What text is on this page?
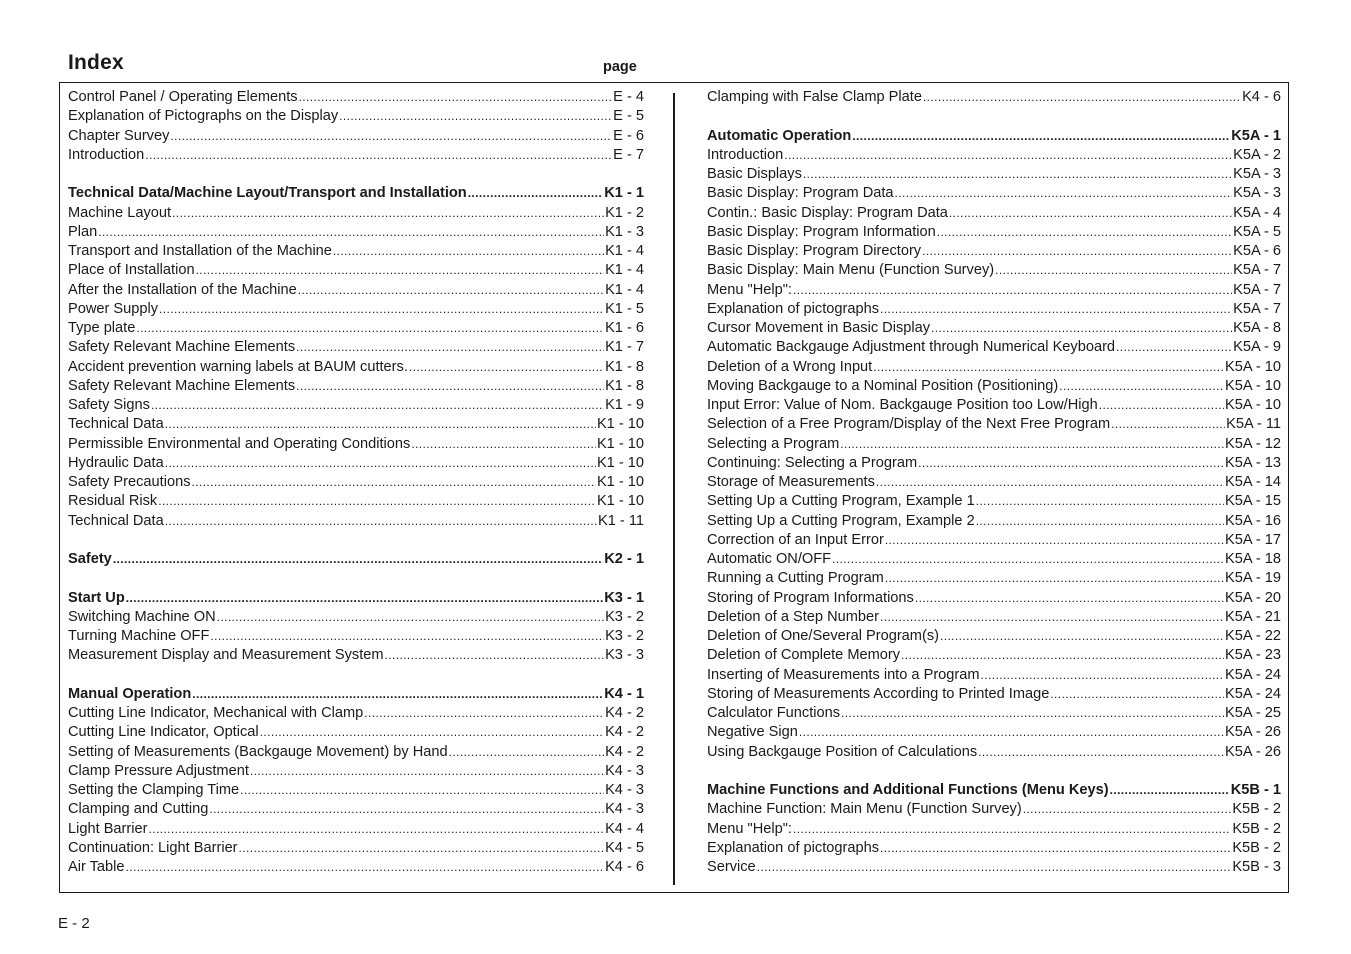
Index	page
Control Panel / Operating Elements .....	E - 4
Explanation of Pictographs on the Display .....	E - 5
Chapter Survey .....	E - 6
Introduction .....	E - 7
Technical Data/Machine Layout/Transport and Installation .....	K1 - 1
Machine Layout .....	K1 - 2
Plan .....	K1 - 3
Transport and Installation of the Machine .....	K1 - 4
Place of Installation .....	K1 - 4
After the Installation of the Machine .....	K1 - 4
Power Supply .....	K1 - 5
Type plate .....	K1 - 6
Safety Relevant Machine Elements .....	K1 - 7
Accident prevention warning labels at BAUM cutters. .....	K1 - 8
Safety Relevant Machine Elements .....	K1 - 8
Safety Signs .....	K1 - 9
Technical Data .....	K1 - 10
Permissible Environmental and Operating Conditions .....	K1 - 10
Hydraulic Data .....	K1 - 10
Safety Precautions .....	K1 - 10
Residual Risk .....	K1 - 10
Technical Data .....	K1 - 11
Safety .....	K2 - 1
Start Up .....	K3 - 1
Switching Machine ON .....	K3 - 2
Turning Machine OFF .....	K3 - 2
Measurement Display and Measurement System .....	K3 - 3
Manual Operation .....	K4 - 1
Cutting Line Indicator, Mechanical with Clamp .....	K4 - 2
Cutting Line Indicator, Optical .....	K4 - 2
Setting of Measurements (Backgauge Movement) by Hand .....	K4 - 2
Clamp Pressure Adjustment .....	K4 - 3
Setting the Clamping Time .....	K4 - 3
Clamping and Cutting .....	K4 - 3
Light Barrier .....	K4 - 4
Continuation: Light Barrier .....	K4 - 5
Air Table .....	K4 - 6
Clamping with False Clamp Plate .....	K4 - 6
Automatic Operation .....	K5A - 1
Introduction .....	K5A - 2
Basic Displays .....	K5A - 3
Basic Display: Program Data .....	K5A - 3
Contin.: Basic Display: Program Data .....	K5A - 4
Basic Display: Program Information .....	K5A - 5
Basic Display: Program Directory .....	K5A - 6
Basic Display: Main Menu (Function Survey) .....	K5A - 7
Menu "Help": .....	K5A - 7
Explanation of pictographs .....	K5A - 7
Cursor Movement in Basic Display .....	K5A - 8
Automatic Backgauge Adjustment through Numerical Keyboard .....	K5A - 9
Deletion of a Wrong Input .....	K5A - 10
Moving Backgauge to a Nominal Position (Positioning) .....	K5A - 10
Input Error: Value of Nom. Backgauge Position too Low/High .....	K5A - 10
Selection of a Free Program/Display of the Next Free Program .....	K5A - 11
Selecting a Program .....	K5A - 12
Continuing: Selecting a Program .....	K5A - 13
Storage of Measurements .....	K5A - 14
Setting Up a Cutting Program, Example 1 .....	K5A - 15
Setting Up a Cutting Program, Example 2 .....	K5A - 16
Correction of an Input Error .....	K5A - 17
Automatic ON/OFF .....	K5A - 18
Running a Cutting Program .....	K5A - 19
Storing of Program Informations .....	K5A - 20
Deletion of a Step Number .....	K5A - 21
Deletion of One/Several Program(s) .....	K5A - 22
Deletion of Complete Memory .....	K5A - 23
Inserting of Measurements into a Program .....	K5A - 24
Storing of Measurements According to Printed Image .....	K5A - 24
Calculator Functions .....	K5A - 25
Negative Sign .....	K5A - 26
Using Backgauge Position of Calculations .....	K5A - 26
Machine Functions and Additional Functions (Menu Keys) .....	K5B - 1
Machine Function: Main Menu (Function Survey) .....	K5B - 2
Menu "Help": .....	K5B - 2
Explanation of pictographs .....	K5B - 2
Service .....	K5B - 3
E - 2
